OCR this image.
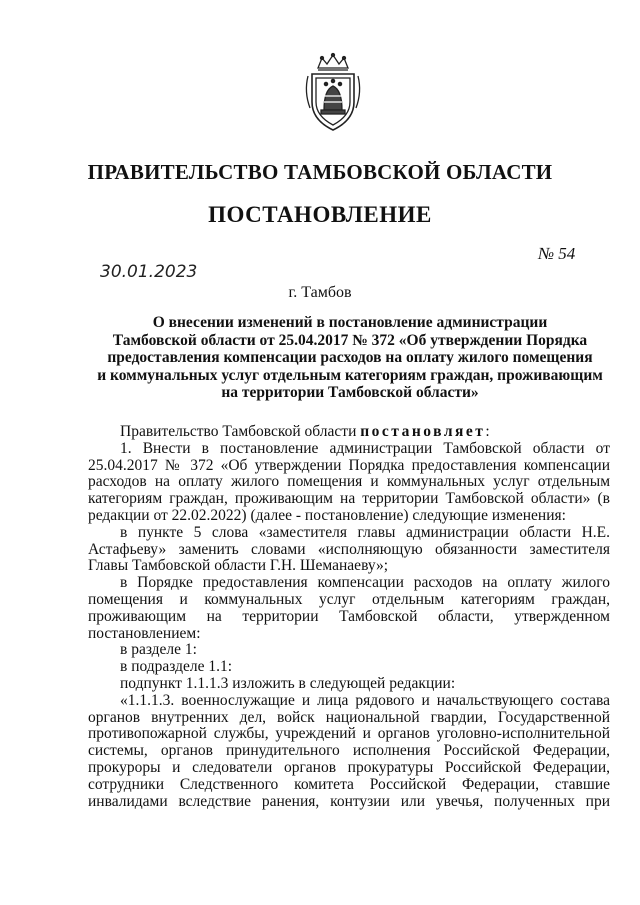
ПРАВИТЕЛЬСТВО ТАМБОВСКОЙ ОБЛАСТИ
ПОСТАНОВЛЕНИЕ
№ 54
30.01.2023
г. Тамбов
О внесении изменений в постановление администрации
Тамбовской области от 25.04.2017 № 372 «Об утверждении Порядка
предоставления компенсации расходов на оплату жилого помещения
и коммунальных услуг отдельным категориям граждан, проживающим
на территории Тамбовской области»

Правительство Тамбовской области постановляет:

1. Внести в постановление администрации Тамбовской области от 25.04.2017 № 372 «Об утверждении Порядка предоставления компенсации расходов на оплату жилого помещения и коммунальных услуг отдельным категориям граждан, проживающим на территории Тамбовской области» (в редакции от 22.02.2022) (далее - постановление) следующие изменения:

в пункте 5 слова «заместителя главы администрации области Н.Е. Астафьеву» заменить словами «исполняющую обязанности заместителя Главы Тамбовской области Г.Н. Шеманаеву»;

в Порядке предоставления компенсации расходов на оплату жилого помещения и коммунальных услуг отдельным категориям граждан, проживающим на территории Тамбовской области, утвержденном постановлением:

в разделе 1:

в подразделе 1.1:

подпункт 1.1.1.3 изложить в следующей редакции:

«1.1.1.3. военнослужащие и лица рядового и начальствующего состава органов внутренних дел, войск национальной гвардии, Государственной противопожарной службы, учреждений и органов уголовно-исполнительной системы, органов принудительного исполнения Российской Федерации, прокуроры и следователи органов прокуратуры Российской Федерации, сотрудники Следственного комитета Российской Федерации, ставшие инвалидами вследствие ранения, контузии или увечья, полученных при
